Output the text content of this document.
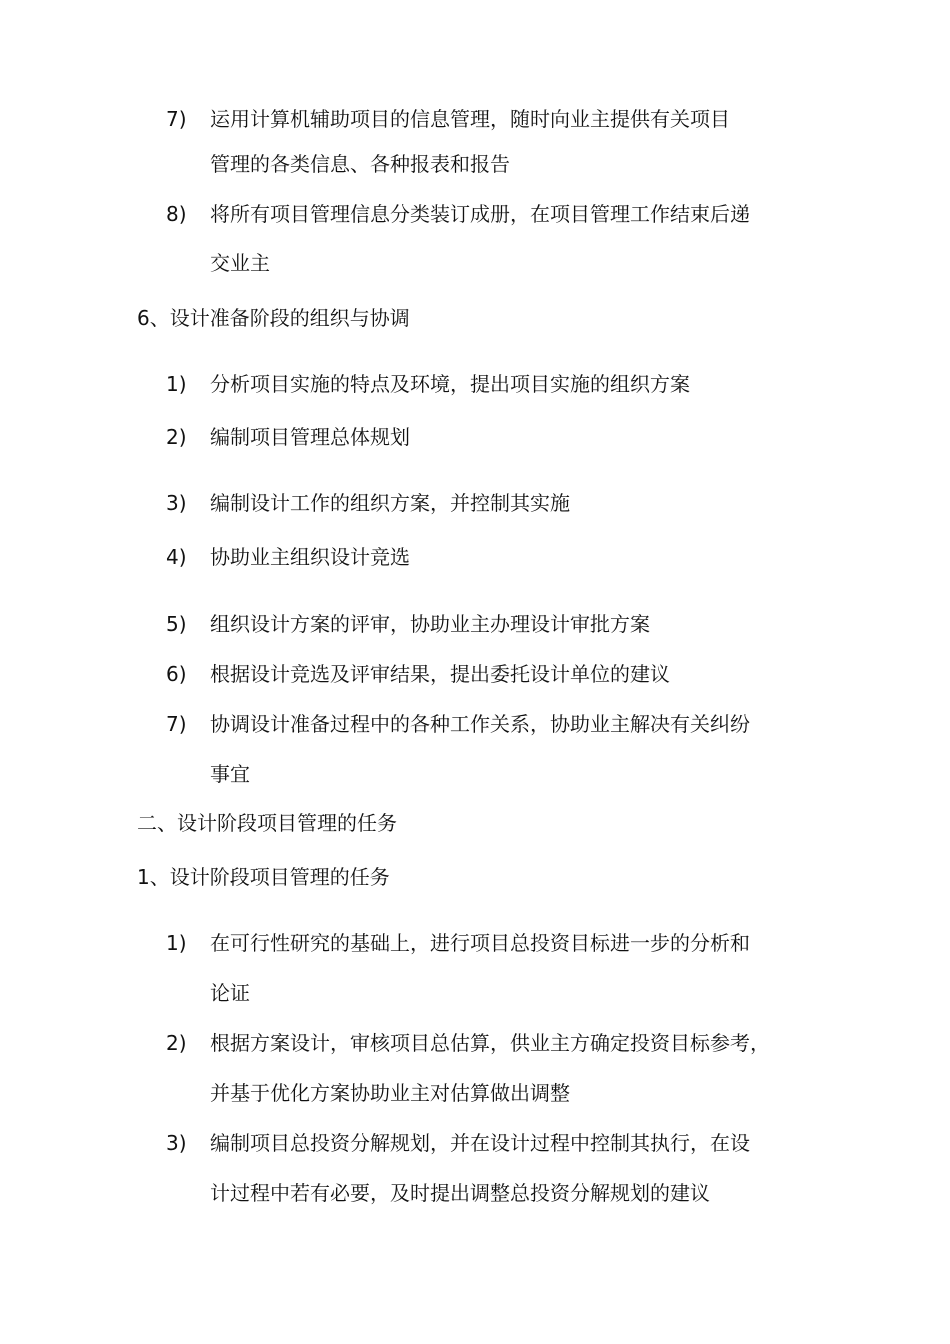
7) 运用计算机辅助项目的信息管理，随时向业主提供有关项目
管理的各类信息、各种报表和报告
8) 将所有项目管理信息分类装订成册，在项目管理工作结束后递
交业主
6、设计准备阶段的组织与协调
1) 分析项目实施的特点及环境，提出项目实施的组织方案
2) 编制项目管理总体规划
3) 编制设计工作的组织方案，并控制其实施
4) 协助业主组织设计竞选
5) 组织设计方案的评审，协助业主办理设计审批方案
6) 根据设计竞选及评审结果，提出委托设计单位的建议
7) 协调设计准备过程中的各种工作关系，协助业主解决有关纠纷
事宜
二、设计阶段项目管理的任务
1、设计阶段项目管理的任务
1) 在可行性研究的基础上，进行项目总投资目标进一步的分析和
论证
2) 根据方案设计，审核项目总估算，供业主方确定投资目标参考，
并基于优化方案协助业主对估算做出调整
3) 编制项目总投资分解规划，并在设计过程中控制其执行，在设
计过程中若有必要，及时提出调整总投资分解规划的建议
